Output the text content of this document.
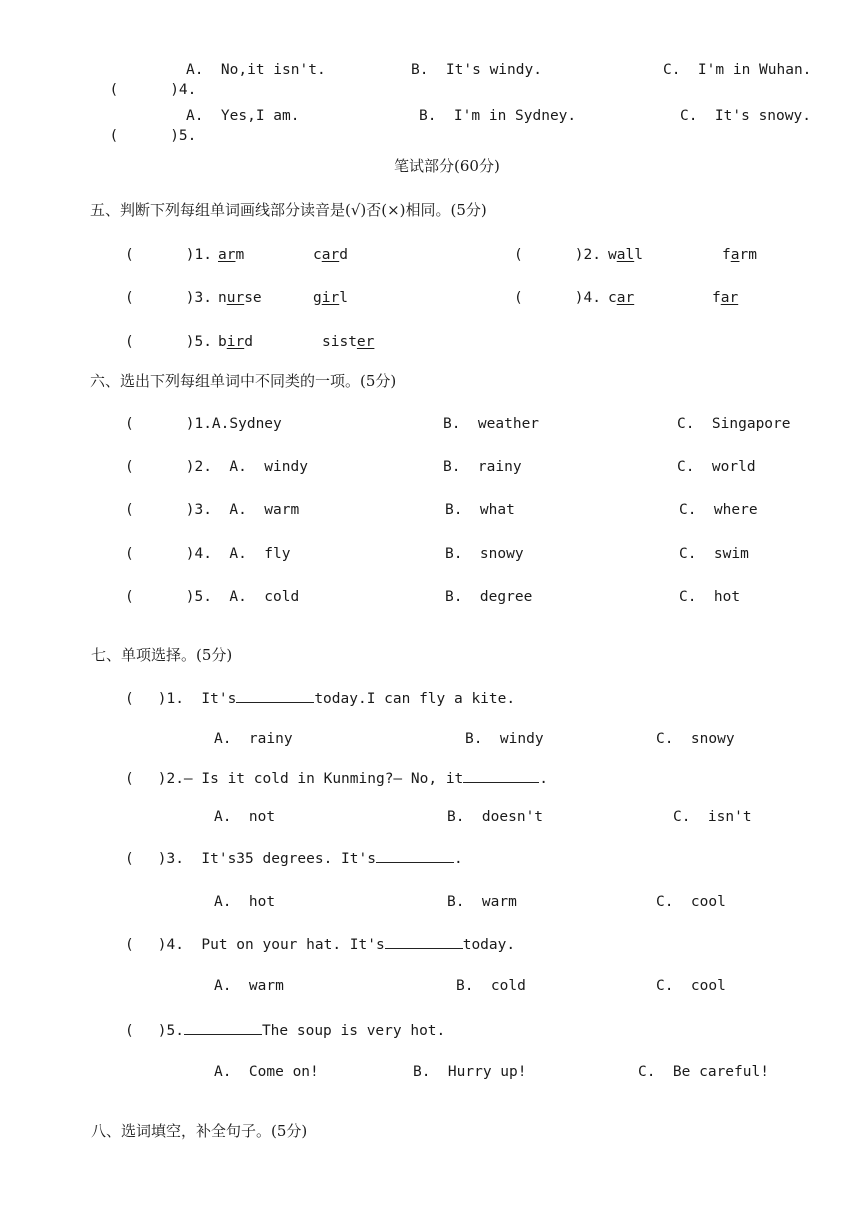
(	)4.

A.  No,it isn't.	B.  It's windy.	C.  I'm in Wuhan.

(	)5.

A.  Yes,I am.	B.  I'm in Sydney.	C.  It's snowy.
笔试部分(60分)
五、判断下列每组单词画线部分读音是(√)否(×)相同。(5分)
(	)1. arm	card	(	)2. wall	farm
(	)3. nurse	girl	(	)4. car	far
(	)5. bird	sister
六、选出下列每组单词中不同类的一项。(5分)
(	)1.A.Sydney	B.  weather	C.  Singapore
(	)2.  A.  windy	B.  rainy	C.  world
(	)3.  A.  warm	B.  what	C.  where
(	)4.  A.  fly	B.  snowy	C.  swim
(	)5.  A.  cold	B.  degree	C.  hot
七、单项选择。(5分)
( )1.  It's	today.I can fly a kite.
A.  rainy	B.  windy	C.  snowy
( )2.— Is it cold in Kunming?— No, it	.
A.  not	B.  doesn't	C.  isn't
( )3.  It's35 degrees. It's	.
A.  hot	B.  warm	C.  cool
( )4.  Put on your hat. It's	today.
A.  warm	B.  cold	C.  cool
( )5.	The soup is very hot.
A.  Come on!	B.  Hurry up!	C.  Be careful!
八、选词填空，补全句子。(5分)
